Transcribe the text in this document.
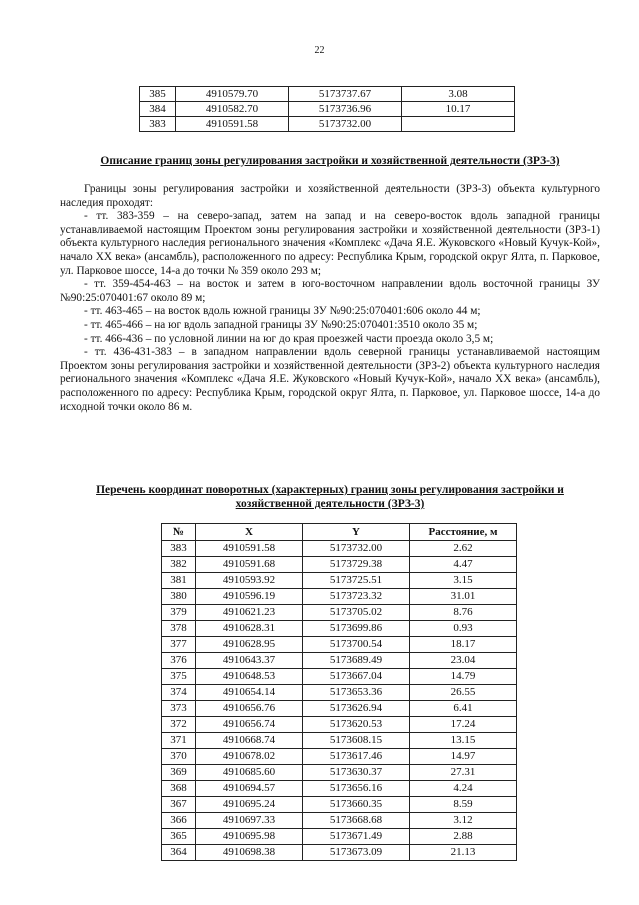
22
385	4910579.70	5173737.67	3.08
384	4910582.70	5173736.96	10.17
383	4910591.58	5173732.00	
Описание границ зоны регулирования застройки и хозяйственной деятельности (ЗРЗ-3)

Границы зоны регулирования застройки и хозяйственной деятельности (ЗРЗ-3) объекта культурного наследия проходят:

- тт. 383-359 – на северо-запад, затем на запад и на северо-восток вдоль западной границы устанавливаемой настоящим Проектом зоны регулирования застройки и хозяйственной деятельности (ЗРЗ-1) объекта культурного наследия регионального значения «Комплекс «Дача Я.Е. Жуковского «Новый Кучук-Кой», начало XX века» (ансамбль), расположенного по адресу: Республика Крым, городской округ Ялта, п. Парковое, ул. Парковое шоссе, 14-а до точки № 359 около 293 м;

- тт. 359-454-463 – на восток и затем в юго-восточном направлении вдоль восточной границы ЗУ №90:25:070401:67 около 89 м;

- тт. 463-465 – на восток вдоль южной границы ЗУ №90:25:070401:606 около 44 м;

- тт. 465-466 – на юг вдоль западной границы ЗУ №90:25:070401:3510 около 35 м;

- тт. 466-436 – по условной линии на юг до края проезжей части проезда около 3,5 м;

- тт. 436-431-383 – в западном направлении вдоль северной границы устанавливаемой настоящим Проектом зоны регулирования застройки и хозяйственной деятельности (ЗРЗ-2) объекта культурного наследия регионального значения «Комплекс «Дача Я.Е. Жуковского «Новый Кучук-Кой», начало XX века» (ансамбль), расположенного по адресу: Республика Крым, городской округ Ялта, п. Парковое, ул. Парковое шоссе, 14-а до исходной точки около 86 м.

Перечень координат поворотных (характерных) границ зоны регулирования застройки и хозяйственной деятельности (ЗРЗ-3)
№	X	Y	Расстояние, м
383	4910591.58	5173732.00	2.62
382	4910591.68	5173729.38	4.47
381	4910593.92	5173725.51	3.15
380	4910596.19	5173723.32	31.01
379	4910621.23	5173705.02	8.76
378	4910628.31	5173699.86	0.93
377	4910628.95	5173700.54	18.17
376	4910643.37	5173689.49	23.04
375	4910648.53	5173667.04	14.79
374	4910654.14	5173653.36	26.55
373	4910656.76	5173626.94	6.41
372	4910656.74	5173620.53	17.24
371	4910668.74	5173608.15	13.15
370	4910678.02	5173617.46	14.97
369	4910685.60	5173630.37	27.31
368	4910694.57	5173656.16	4.24
367	4910695.24	5173660.35	8.59
366	4910697.33	5173668.68	3.12
365	4910695.98	5173671.49	2.88
364	4910698.38	5173673.09	21.13
